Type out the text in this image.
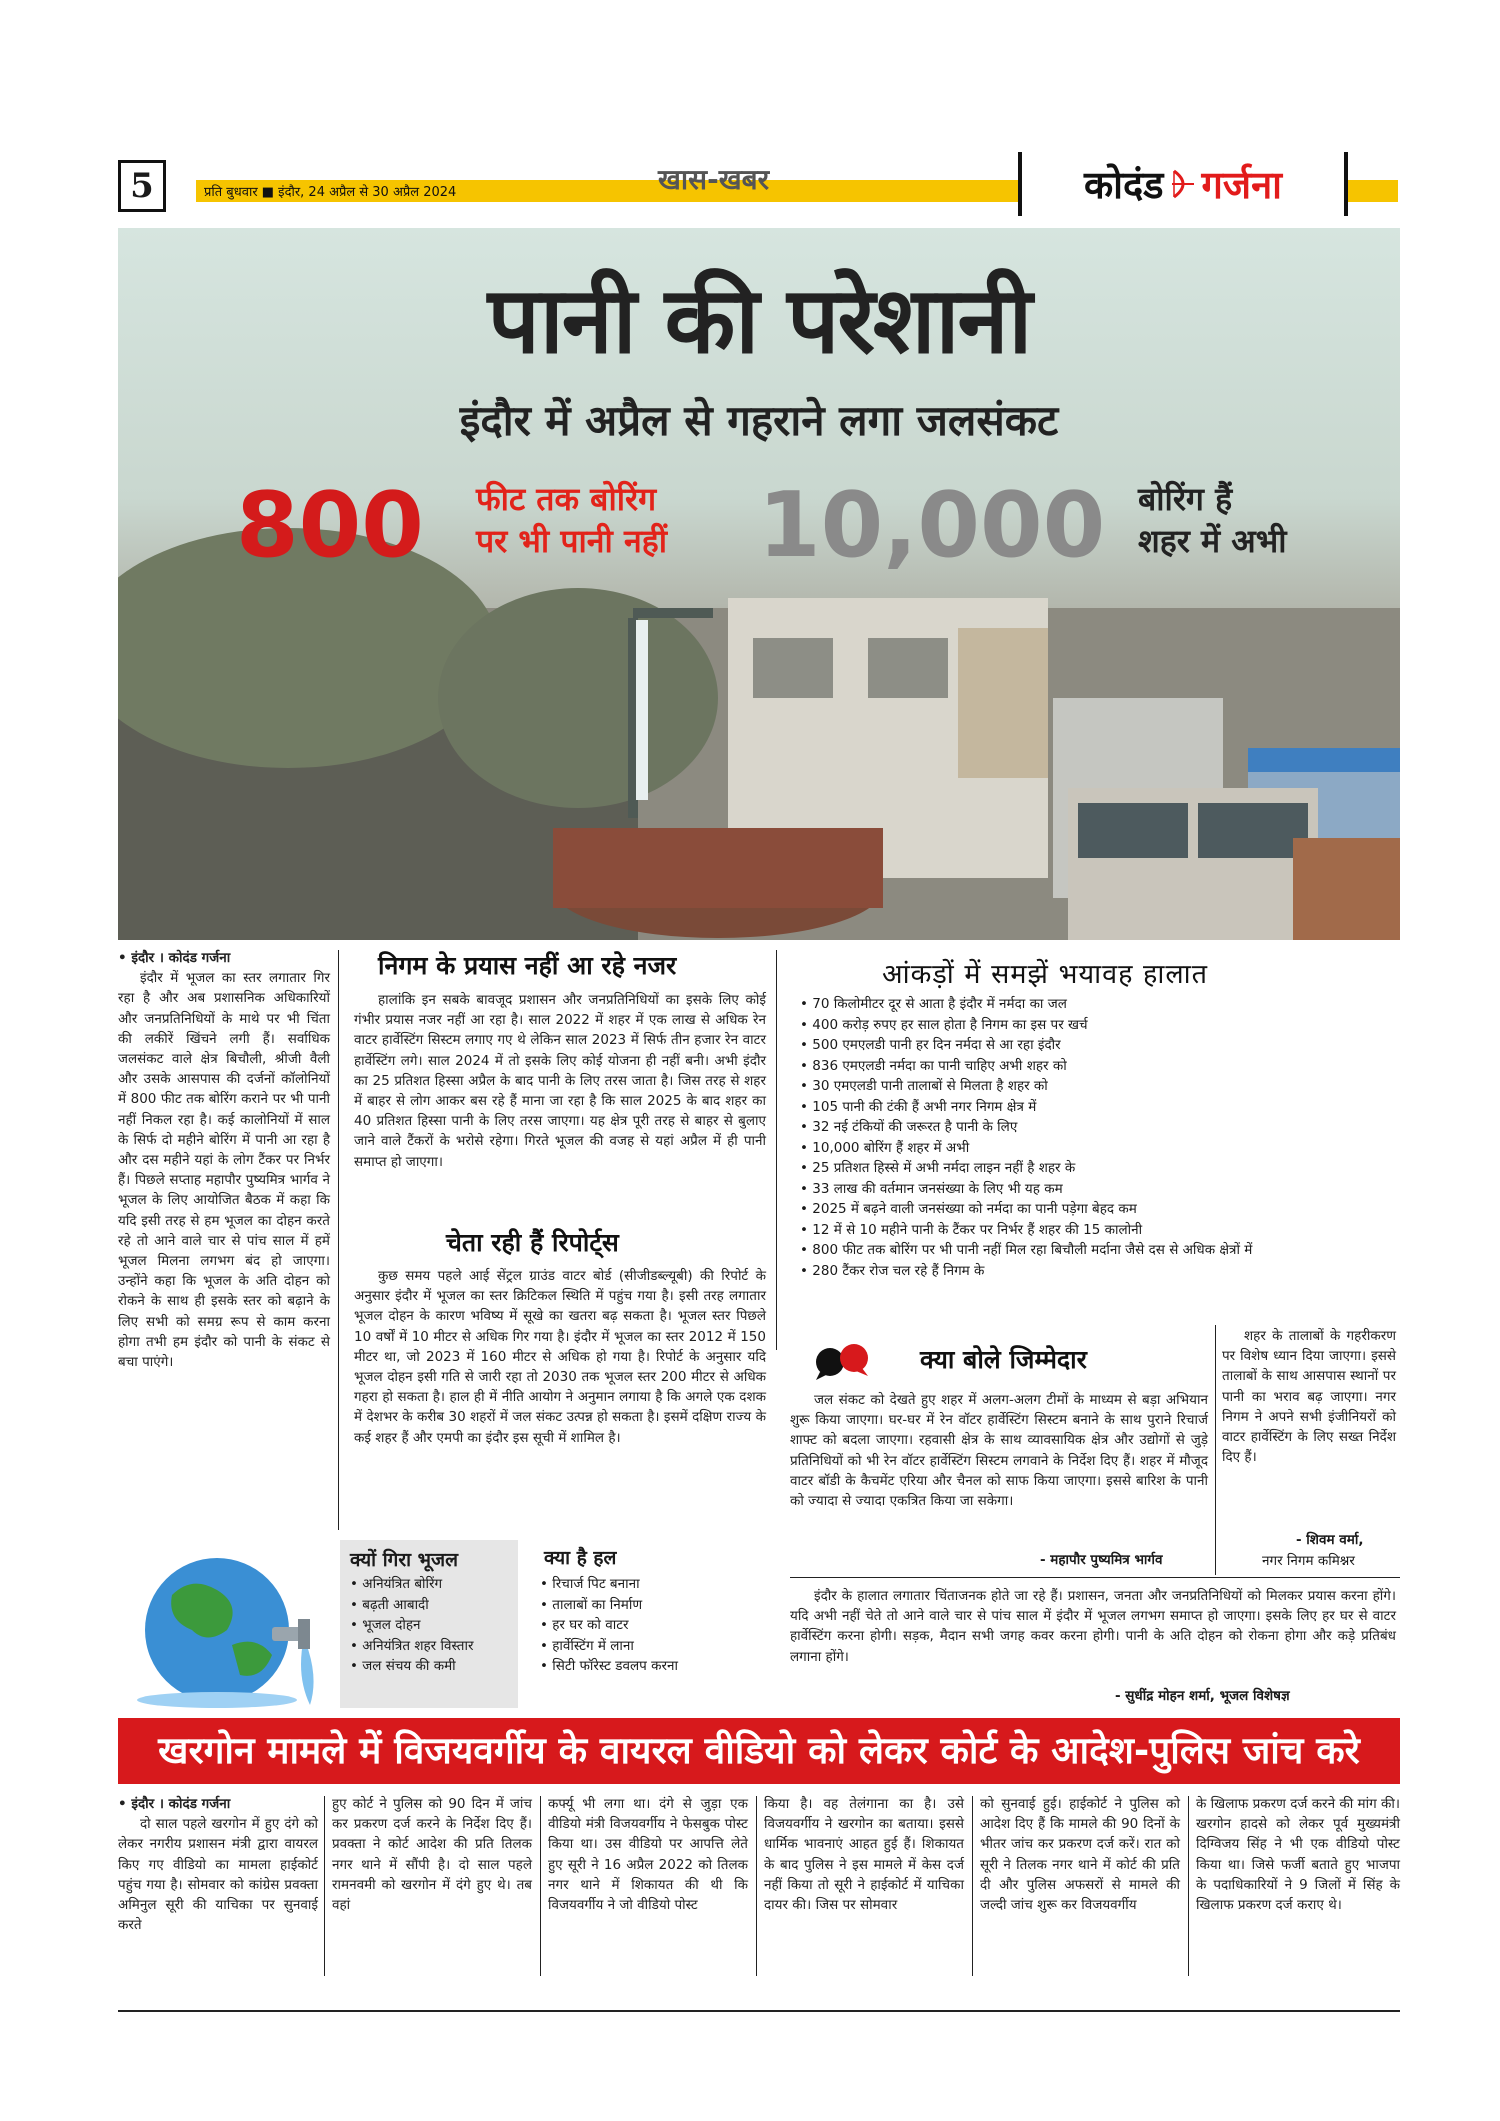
5	प्रति बुधवार ■ इंदौर, 24 अप्रैल से 30 अप्रैल 2024	खास-खबर	कोदंड गर्जना
पानी की परेशानी
इंदौर में अप्रैल से गहराने लगा जलसंकट
800 फीट तक बोरिंग
पर भी पानी नहीं 10,000 बोरिंग हैं
शहर में अभी
• इंदौर । कोदंड गर्जना
इंदौर में भूजल का स्तर लगातार गिर रहा है और अब प्रशासनिक अधिकारियों और जनप्रतिनिधियों के माथे पर भी चिंता की लकीरें खिंचने लगी हैं। सर्वाधिक जलसंकट वाले क्षेत्र बिचौली, श्रीजी वैली और उसके आसपास की दर्जनों कॉलोनियों में 800 फीट तक बोरिंग कराने पर भी पानी नहीं निकल रहा है। कई कालोनियों में साल के सिर्फ दो महीने बोरिंग में पानी आ रहा है और दस महीने यहां के लोग टैंकर पर निर्भर हैं। पिछले सप्ताह महापौर पुष्यमित्र भार्गव ने भूजल के लिए आयोजित बैठक में कहा कि यदि इसी तरह से हम भूजल का दोहन करते रहे तो आने वाले चार से पांच साल में हमें भूजल मिलना लगभग बंद हो जाएगा। उन्होंने कहा कि भूजल के अति दोहन को रोकने के साथ ही इसके स्तर को बढ़ाने के लिए सभी को समग्र रूप से काम करना होगा तभी हम इंदौर को पानी के संकट से बचा पाएंगे।
निगम के प्रयास नहीं आ रहे नजर
हालांकि इन सबके बावजूद प्रशासन और जनप्रतिनिधियों का इसके लिए कोई गंभीर प्रयास नजर नहीं आ रहा है। साल 2022 में शहर में एक लाख से अधिक रेन वाटर हार्वेस्टिंग सिस्टम लगाए गए थे लेकिन साल 2023 में सिर्फ तीन हजार रेन वाटर हार्वेस्टिंग लगे। साल 2024 में तो इसके लिए कोई योजना ही नहीं बनी। अभी इंदौर का 25 प्रतिशत हिस्सा अप्रैल के बाद पानी के लिए तरस जाता है। जिस तरह से शहर में बाहर से लोग आकर बस रहे हैं माना जा रहा है कि साल 2025 के बाद शहर का 40 प्रतिशत हिस्सा पानी के लिए तरस जाएगा। यह क्षेत्र पूरी तरह से बाहर से बुलाए जाने वाले टैंकरों के भरोसे रहेगा। गिरते भूजल की वजह से यहां अप्रैल में ही पानी समाप्त हो जाएगा।
चेता रही हैं रिपोर्ट्स
कुछ समय पहले आई सेंट्रल ग्राउंड वाटर बोर्ड (सीजीडब्ल्यूबी) की रिपोर्ट के अनुसार इंदौर में भूजल का स्तर क्रिटिकल स्थिति में पहुंच गया है। इसी तरह लगातार भूजल दोहन के कारण भविष्य में सूखे का खतरा बढ़ सकता है। भूजल स्तर पिछले 10 वर्षों में 10 मीटर से अधिक गिर गया है। इंदौर में भूजल का स्तर 2012 में 150 मीटर था, जो 2023 में 160 मीटर से अधिक हो गया है। रिपोर्ट के अनुसार यदि भूजल दोहन इसी गति से जारी रहा तो 2030 तक भूजल स्तर 200 मीटर से अधिक गहरा हो सकता है। हाल ही में नीति आयोग ने अनुमान लगाया है कि अगले एक दशक में देशभर के करीब 30 शहरों में जल संकट उत्पन्न हो सकता है। इसमें दक्षिण राज्य के कई शहर हैं और एमपी का इंदौर इस सूची में शामिल है।
आंकड़ों में समझें भयावह हालात
• 70 किलोमीटर दूर से आता है इंदौर में नर्मदा का जल
• 400 करोड़ रुपए हर साल होता है निगम का इस पर खर्च
• 500 एमएलडी पानी हर दिन नर्मदा से आ रहा इंदौर
• 836 एमएलडी नर्मदा का पानी चाहिए अभी शहर को
• 30 एमएलडी पानी तालाबों से मिलता है शहर को
• 105 पानी की टंकी हैं अभी नगर निगम क्षेत्र में
• 32 नई टंकियों की जरूरत है पानी के लिए
• 10,000 बोरिंग हैं शहर में अभी
• 25 प्रतिशत हिस्से में अभी नर्मदा लाइन नहीं है शहर के
• 33 लाख की वर्तमान जनसंख्या के लिए भी यह कम
• 2025 में बढ़ने वाली जनसंख्या को नर्मदा का पानी पड़ेगा बेहद कम
• 12 में से 10 महीने पानी के टैंकर पर निर्भर हैं शहर की 15 कालोनी
• 800 फीट तक बोरिंग पर भी पानी नहीं मिल रहा बिचौली मर्दाना जैसे दस से अधिक क्षेत्रों में
• 280 टैंकर रोज चल रहे हैं निगम के
क्या बोले जिम्मेदार
जल संकट को देखते हुए शहर में अलग-अलग टीमों के माध्यम से बड़ा अभियान शुरू किया जाएगा। घर-घर में रेन वॉटर हार्वेस्टिंग सिस्टम बनाने के साथ पुराने रिचार्ज शाफ्ट को बदला जाएगा। रहवासी क्षेत्र के साथ व्यावसायिक क्षेत्र और उद्योगों से जुड़े प्रतिनिधियों को भी रेन वॉटर हार्वेस्टिंग सिस्टम लगवाने के निर्देश दिए हैं। शहर में मौजूद वाटर बॉडी के कैचमेंट एरिया और चैनल को साफ किया जाएगा। इससे बारिश के पानी को ज्यादा से ज्यादा एकत्रित किया जा सकेगा।
- महापौर पुष्यमित्र भार्गव
शहर के तालाबों के गहरीकरण पर विशेष ध्यान दिया जाएगा। इससे तालाबों के साथ आसपास स्थानों पर पानी का भराव बढ़ जाएगा। नगर निगम ने अपने सभी इंजीनियरों को वाटर हार्वेस्टिंग के लिए सख्त निर्देश दिए हैं।
- शिवम वर्मा,
नगर निगम कमिश्नर
इंदौर के हालात लगातार चिंताजनक होते जा रहे हैं। प्रशासन, जनता और जनप्रतिनिधियों को मिलकर प्रयास करना होंगे। यदि अभी नहीं चेते तो आने वाले चार से पांच साल में इंदौर में भूजल लगभग समाप्त हो जाएगा। इसके लिए हर घर से वाटर हार्वेस्टिंग करना होगी। सड़क, मैदान सभी जगह कवर करना होगी। पानी के अति दोहन को रोकना होगा और कड़े प्रतिबंध लगाना होंगे।
- सुधींद्र मोहन शर्मा, भूजल विशेषज्ञ
क्यों गिरा भूजल
• अनियंत्रित बोरिंग
• बढ़ती आबादी
• भूजल दोहन
• अनियंत्रित शहर विस्तार
• जल संचय की कमी
क्या है हल
• रिचार्ज पिट बनाना
• तालाबों का निर्माण
• हर घर को वाटर
• हार्वेस्टिंग में लाना
• सिटी फॉरेस्ट डवलप करना
खरगोन मामले में विजयवर्गीय के वायरल वीडियो को लेकर कोर्ट के आदेश-पुलिस जांच करे
• इंदौर । कोदंड गर्जना
दो साल पहले खरगोन में हुए दंगे को लेकर नगरीय प्रशासन मंत्री द्वारा वायरल किए गए वीडियो का मामला हाईकोर्ट पहुंच गया है। सोमवार को कांग्रेस प्रवक्ता अमिनुल सूरी की याचिका पर सुनवाई करते
हुए कोर्ट ने पुलिस को 90 दिन में जांच कर प्रकरण दर्ज करने के निर्देश दिए हैं। प्रवक्ता ने कोर्ट आदेश की प्रति तिलक नगर थाने में सौंपी है। दो साल पहले रामनवमी को खरगोन में दंगे हुए थे। तब वहां
कर्फ्यू भी लगा था। दंगे से जुड़ा एक वीडियो मंत्री विजयवर्गीय ने फेसबुक पोस्ट किया था। उस वीडियो पर आपत्ति लेते हुए सूरी ने 16 अप्रैल 2022 को तिलक नगर थाने में शिकायत की थी कि विजयवर्गीय ने जो वीडियो पोस्ट
किया है। वह तेलंगाना का है। उसे विजयवर्गीय ने खरगोन का बताया। इससे धार्मिक भावनाएं आहत हुई हैं। शिकायत के बाद पुलिस ने इस मामले में केस दर्ज नहीं किया तो सूरी ने हाईकोर्ट में याचिका दायर की। जिस पर सोमवार
को सुनवाई हुई। हाईकोर्ट ने पुलिस को आदेश दिए हैं कि मामले की 90 दिनों के भीतर जांच कर प्रकरण दर्ज करें। रात को सूरी ने तिलक नगर थाने में कोर्ट की प्रति दी और पुलिस अफसरों से मामले की जल्दी जांच शुरू कर विजयवर्गीय
के खिलाफ प्रकरण दर्ज करने की मांग की। खरगोन हादसे को लेकर पूर्व मुख्यमंत्री दिग्विजय सिंह ने भी एक वीडियो पोस्ट किया था। जिसे फर्जी बताते हुए भाजपा के पदाधिकारियों ने 9 जिलों में सिंह के खिलाफ प्रकरण दर्ज कराए थे।
